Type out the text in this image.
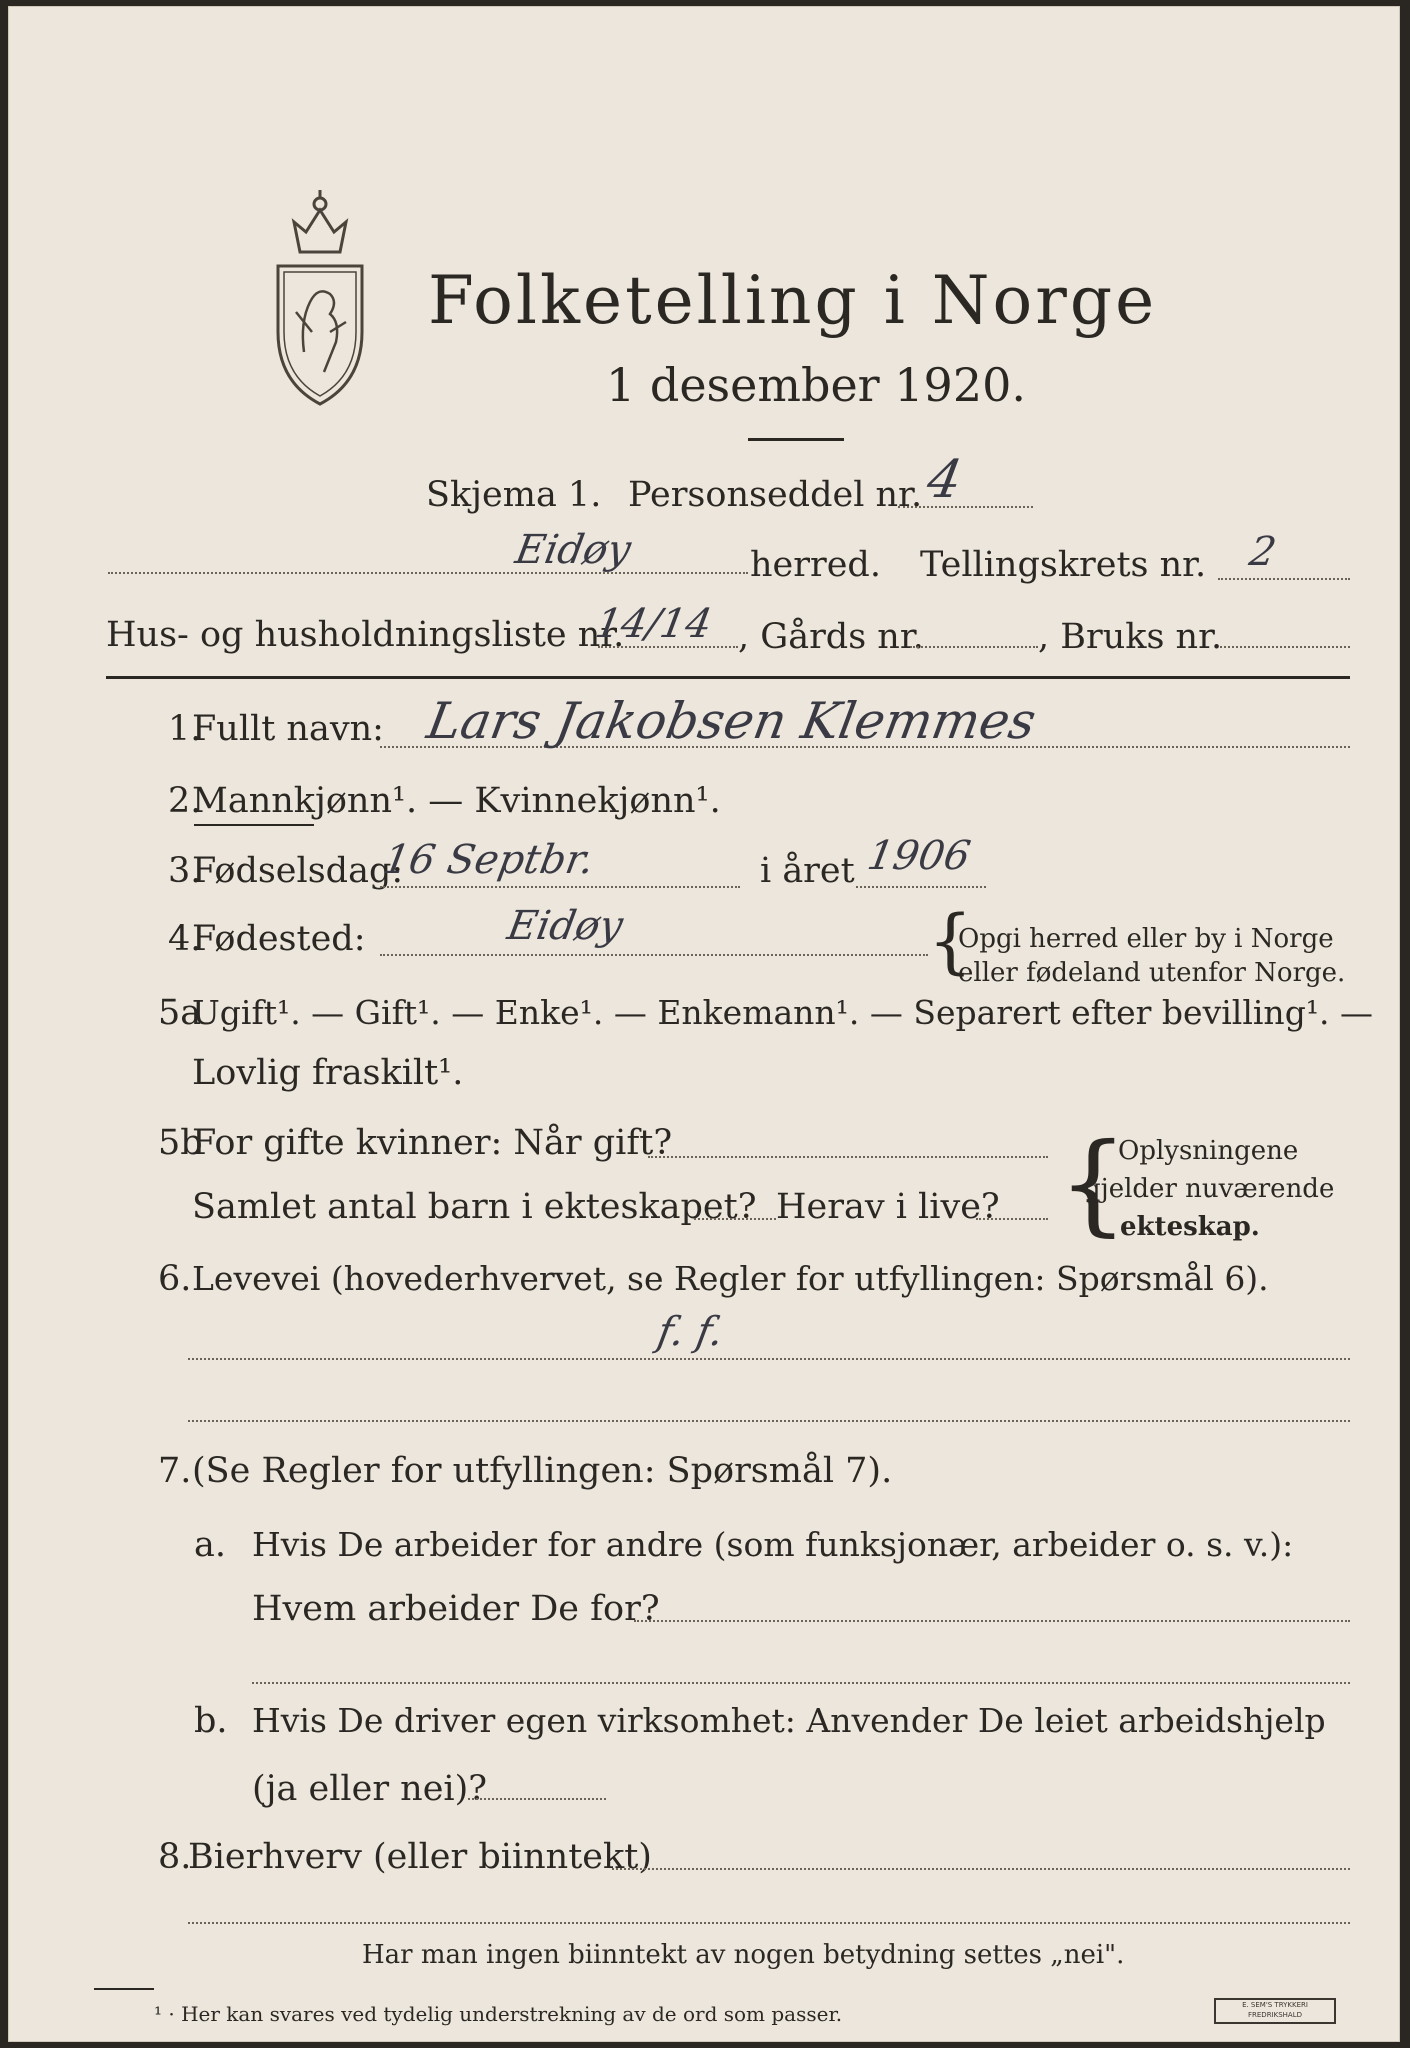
Folketelling i Norge
1 desember 1920.
Skjema 1. Personseddel nr. 4
Eidøy	herred. Tellingskrets nr. 2
Hus- og husholdningsliste nr.
14/14 , Gårds nr.	, Bruks nr.
1.
Fullt navn: Lars Jakobsen Klemmes
2.
Mannkjønn¹. — Kvinnekjønn¹.
3.
Fødselsdag:
16 Septbr.	i året 1906
4.
Fødested:	Eidøy	{
Opgi herred eller by i Norge
eller fødeland utenfor Norge.
5a
Ugift¹. — Gift¹. — Enke¹. — Enkemann¹. — Separert efter bevilling¹. —
Lovlig fraskilt¹.
5b
For gifte kvinner: Når gift?
Samlet antal barn i ekteskapet? Herav i live? {
Oplysningene
gjelder nuværende
ekteskap.
6. Levevei (hovederhvervet, se Regler for utfyllingen: Spørsmål 6).
f. f.
7. (Se Regler for utfyllingen: Spørsmål 7).
a. Hvis De arbeider for andre (som funksjonær, arbeider o. s. v.):
Hvem arbeider De for?
b. Hvis De driver egen virksomhet: Anvender De leiet arbeidshjelp
(ja eller nei)?
8.
Bierhverv (eller biinntekt)
Har man ingen biinntekt av nogen betydning settes „nei".
¹ · Her kan svares ved tydelig understrekning av de ord som passer.	E. SEM'S TRYKKERI FREDRIKSHALD
